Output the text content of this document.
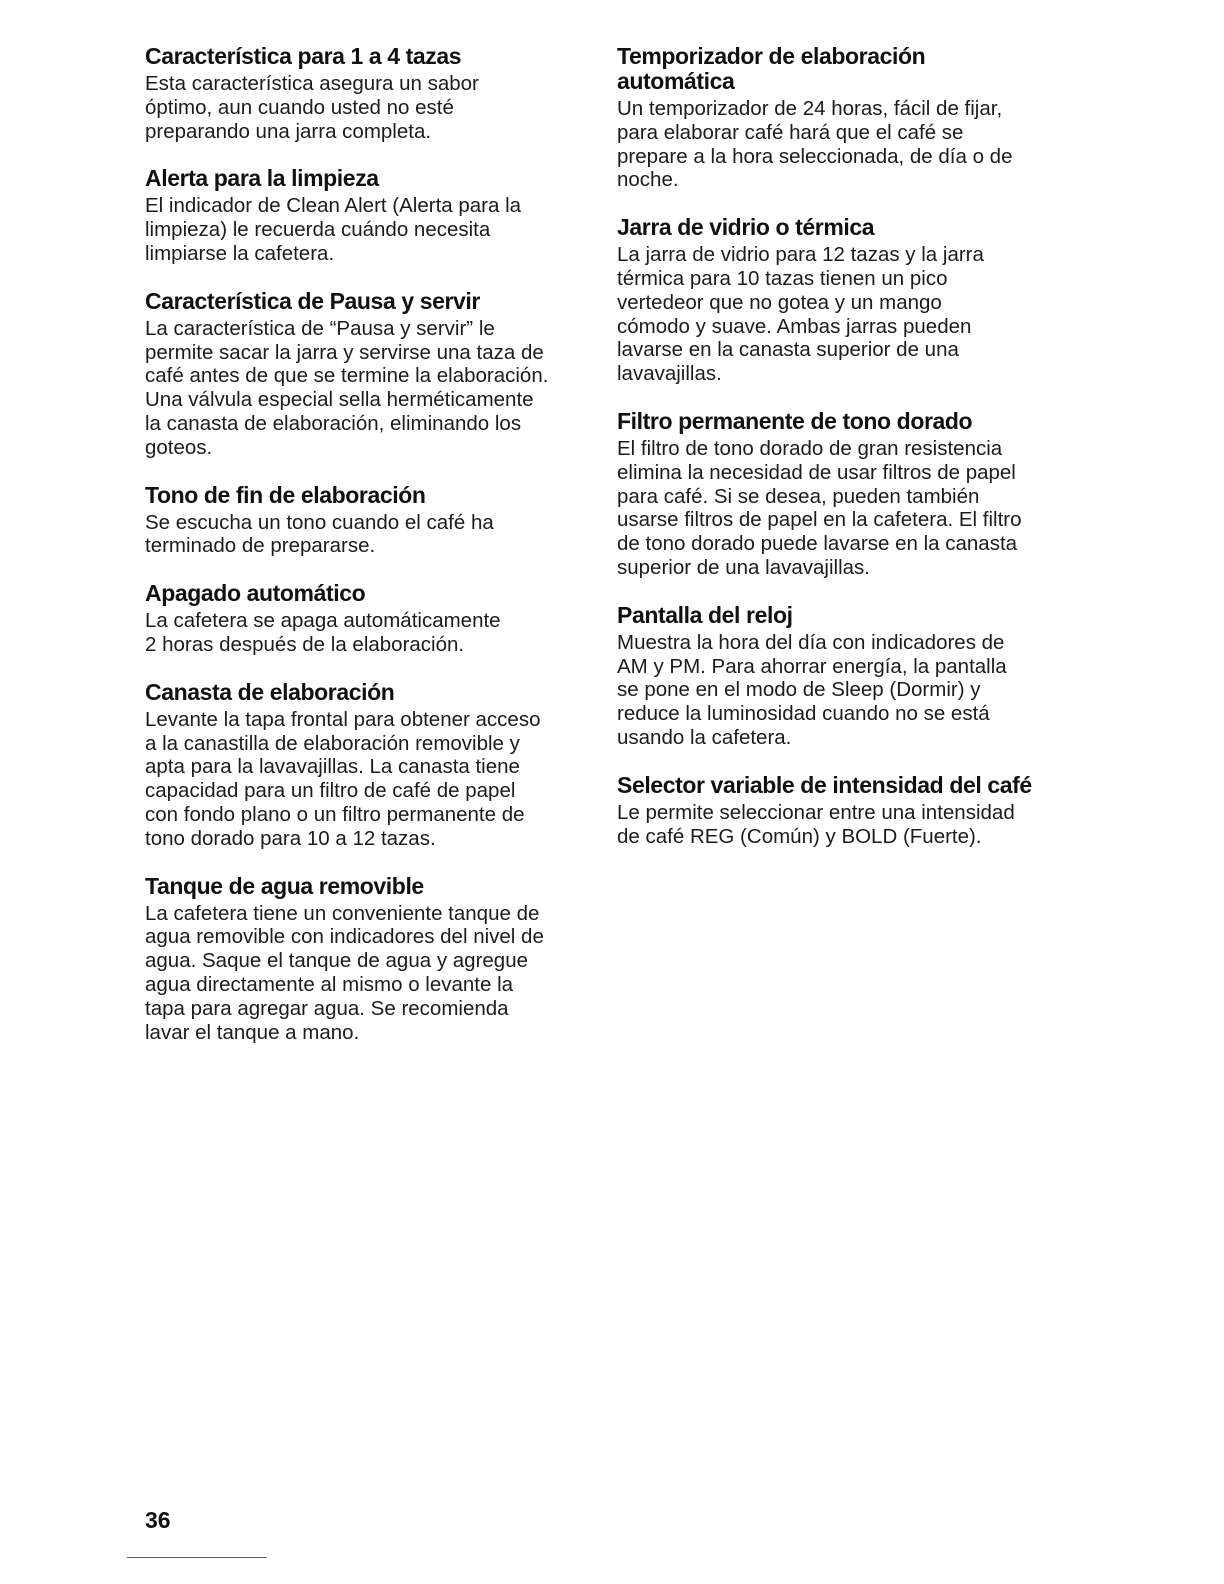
Característica para 1 a 4 tazas

Esta característica asegura un sabor
óptimo, aun cuando usted no esté
preparando una jarra completa.

Alerta para la limpieza

El indicador de Clean Alert (Alerta para la
limpieza) le recuerda cuándo necesita
limpiarse la cafetera.

Característica de Pausa y servir

La característica de “Pausa y servir” le
permite sacar la jarra y servirse una taza de
café antes de que se termine la elaboración.
Una válvula especial sella herméticamente
la canasta de elaboración, eliminando los
goteos.

Tono de fin de elaboración

Se escucha un tono cuando el café ha
terminado de prepararse.

Apagado automático

La cafetera se apaga automáticamente
2 horas después de la elaboración.

Canasta de elaboración

Levante la tapa frontal para obtener acceso
a la canastilla de elaboración removible y
apta para la lavavajillas. La canasta tiene
capacidad para un filtro de café de papel
con fondo plano o un filtro permanente de
tono dorado para 10 a 12 tazas.

Tanque de agua removible

La cafetera tiene un conveniente tanque de
agua removible con indicadores del nivel de
agua. Saque el tanque de agua y agregue
agua directamente al mismo o levante la
tapa para agregar agua. Se recomienda
lavar el tanque a mano.

Temporizador de elaboración
automática

Un temporizador de 24 horas, fácil de fijar,
para elaborar café hará que el café se
prepare a la hora seleccionada, de día o de
noche.

Jarra de vidrio o térmica

La jarra de vidrio para 12 tazas y la jarra
térmica para 10 tazas tienen un pico
vertedeor que no gotea y un mango
cómodo y suave. Ambas jarras pueden
lavarse en la canasta superior de una
lavavajillas.

Filtro permanente de tono dorado

El filtro de tono dorado de gran resistencia
elimina la necesidad de usar filtros de papel
para café. Si se desea, pueden también
usarse filtros de papel en la cafetera. El filtro
de tono dorado puede lavarse en la canasta
superior de una lavavajillas.

Pantalla del reloj

Muestra la hora del día con indicadores de
AM y PM. Para ahorrar energía, la pantalla
se pone en el modo de Sleep (Dormir) y
reduce la luminosidad cuando no se está
usando la cafetera.

Selector variable de intensidad del café

Le permite seleccionar entre una intensidad
de café REG (Común) y BOLD (Fuerte).

36
